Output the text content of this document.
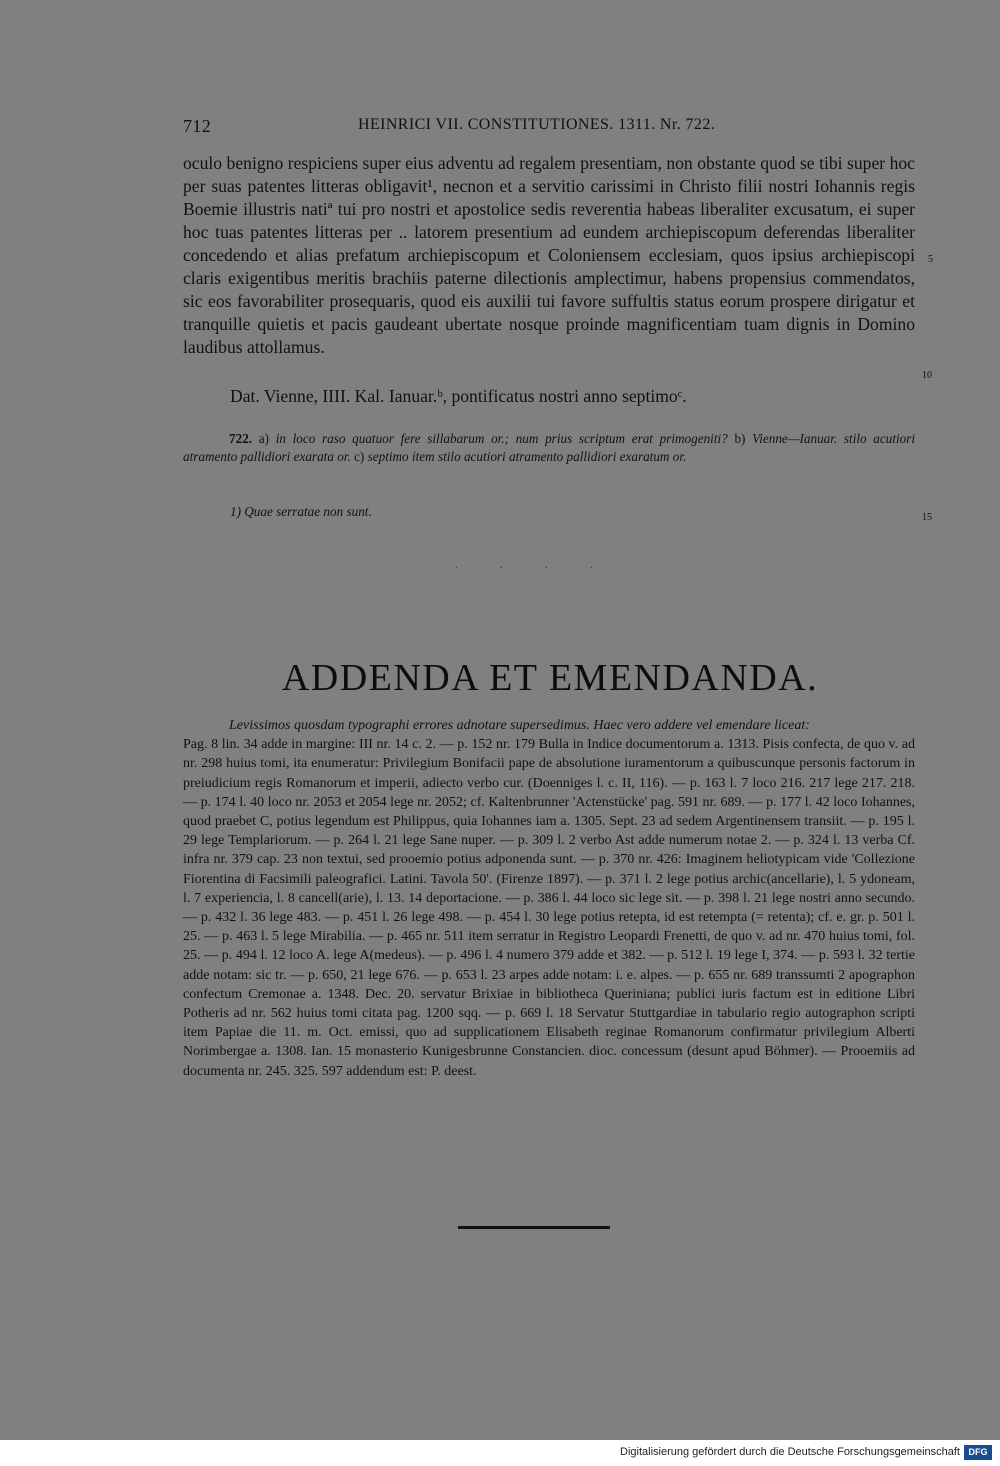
712	HEINRICI VII. CONSTITUTIONES. 1311. Nr. 722.

oculo benigno respiciens super eius adventu ad regalem presentiam, non obstante quod se tibi super hoc per suas patentes litteras obligavit¹, necnon et a servitio carissimi in Christo filii nostri Iohannis regis Boemie illustris natiª tui pro nostri et apostolice sedis reverentia habeas liberaliter excusatum, ei super hoc tuas patentes litteras per .. latorem presentium ad eundem archiepiscopum deferendas liberaliter concedendo et alias prefatum archiepiscopum et Coloniensem ecclesiam, quos ipsius archiepiscopi claris exigentibus meritis brachiis paterne dilectionis amplectimur, habens propensius commendatos, sic eos favorabiliter prosequaris, quod eis auxilii tui favore suffultis status eorum prospere dirigatur et tranquille quietis et pacis gaudeant ubertate nosque proinde magnificentiam tuam dignis in Domino laudibus attollamus.

5
10
15
Dat. Vienne, IIII. Kal. Ianuar.ᵇ, pontificatus nostri anno septimoᶜ.
722. a) in loco raso quatuor fere sillabarum or.; num prius scriptum erat primogeniti? b) Vienne—Ianuar. stilo acutiori atramento pallidiori exarata or. c) septimo item stilo acutiori atramento pallidiori exaratum or.
1) Quae serratae non sunt.
. . . .
ADDENDA ET EMENDANDA.

Levissimos quosdam typographi errores adnotare supersedimus. Haec vero addere vel emendare liceat:

Pag. 8 lin. 34 adde in margine: III nr. 14 c. 2. — p. 152 nr. 179 Bulla in Indice documentorum a. 1313. Pisis confecta, de quo v. ad nr. 298 huius tomi, ita enumeratur: Privilegium Bonifacii pape de absolutione iuramentorum a quibuscunque personis factorum in preiudicium regis Romanorum et imperii, adiecto verbo cur. (Doenniges l. c. II, 116). — p. 163 l. 7 loco 216. 217 lege 217. 218. — p. 174 l. 40 loco nr. 2053 et 2054 lege nr. 2052; cf. Kaltenbrunner 'Actenstücke' pag. 591 nr. 689. — p. 177 l. 42 loco Iohannes, quod praebet C, potius legendum est Philippus, quia Iohannes iam a. 1305. Sept. 23 ad sedem Argentinensem transiit. — p. 195 l. 29 lege Templariorum. — p. 264 l. 21 lege Sane nuper. — p. 309 l. 2 verbo Ast adde numerum notae 2. — p. 324 l. 13 verba Cf. infra nr. 379 cap. 23 non textui, sed prooemio potius adponenda sunt. — p. 370 nr. 426: Imaginem heliotypicam vide 'Collezione Fiorentina di Facsimili paleografici. Latini. Tavola 50'. (Firenze 1897). — p. 371 l. 2 lege potius archic(ancellarie), l. 5 ydoneam, l. 7 experiencia, l. 8 cancell(arie), l. 13. 14 deportacione. — p. 386 l. 44 loco sic lege sit. — p. 398 l. 21 lege nostri anno secundo. — p. 432 l. 36 lege 483. — p. 451 l. 26 lege 498. — p. 454 l. 30 lege potius retepta, id est retempta (= retenta); cf. e. gr. p. 501 l. 25. — p. 463 l. 5 lege Mirabilia. — p. 465 nr. 511 item serratur in Registro Leopardi Frenetti, de quo v. ad nr. 470 huius tomi, fol. 25. — p. 494 l. 12 loco A. lege A(medeus). — p. 496 l. 4 numero 379 adde et 382. — p. 512 l. 19 lege I, 374. — p. 593 l. 32 tertie adde notam: sic tr. — p. 650, 21 lege 676. — p. 653 l. 23 arpes adde notam: i. e. alpes. — p. 655 nr. 689 transsumti 2 apographon confectum Cremonae a. 1348. Dec. 20. servatur Brixiae in bibliotheca Queriniana; publici iuris factum est in editione Libri Potheris ad nr. 562 huius tomi citata pag. 1200 sqq. — p. 669 l. 18 Servatur Stuttgardiae in tabulario regio autographon scripti item Papiae die 11. m. Oct. emissi, quo ad supplicationem Elisabeth reginae Romanorum confirmatur privilegium Alberti Norimbergae a. 1308. Ian. 15 monasterio Kunigesbrunne Constancien. dioc. concessum (desunt apud Böhmer). — Prooemiis ad documenta nr. 245. 325. 597 addendum est: P. deest.

Digitalisierung gefördert durch die Deutsche Forschungsgemeinschaft DFG
